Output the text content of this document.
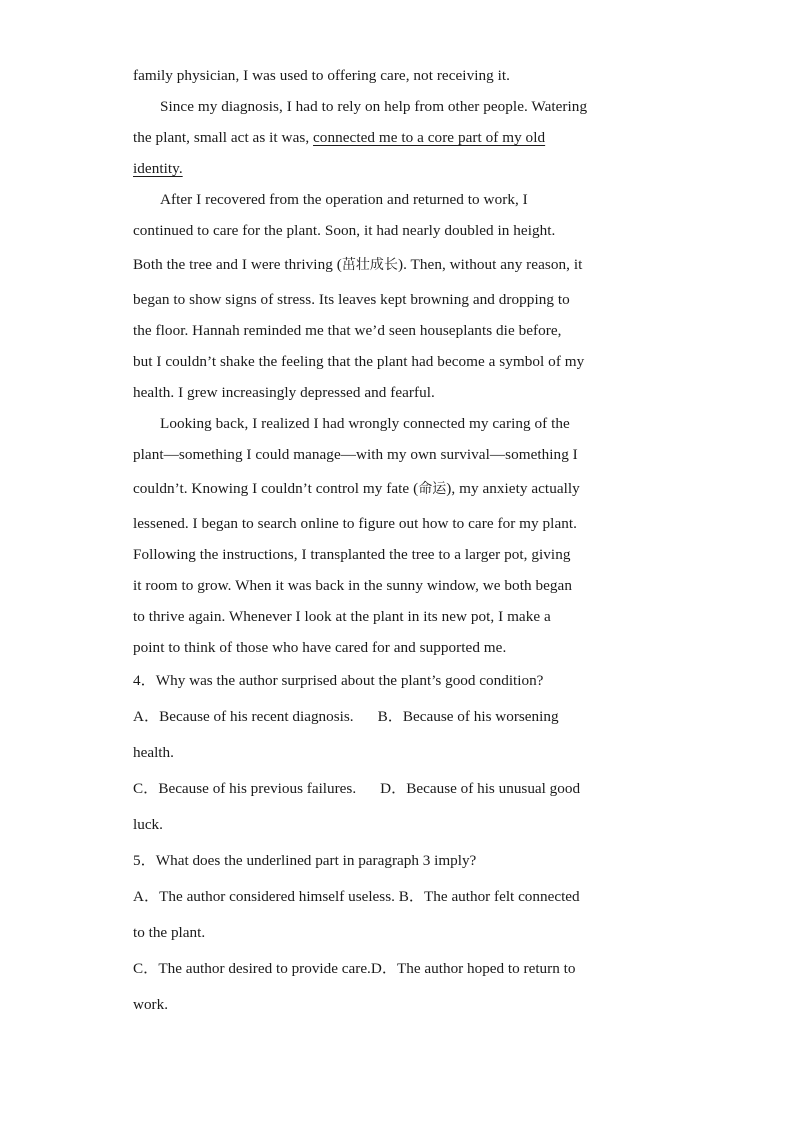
family physician, I was used to offering care, not receiving it.
Since my diagnosis, I had to rely on help from other people. Watering
the plant, small act as it was, connected me to a core part of my old
identity.
After I recovered from the operation and returned to work, I
continued to care for the plant. Soon, it had nearly doubled in height.
Both the tree and I were thriving (茁壮成长). Then, without any reason, it
began to show signs of stress. Its leaves kept browning and dropping to
the floor. Hannah reminded me that we’d seen houseplants die before,
but I couldn’t shake the feeling that the plant had become a symbol of my
health. I grew increasingly depressed and fearful.
Looking back, I realized I had wrongly connected my caring of the
plant—something I could manage—with my own survival—something I
couldn’t. Knowing I couldn’t control my fate (命运), my anxiety actually
lessened. I began to search online to figure out how to care for my plant.
Following the instructions, I transplanted the tree to a larger pot, giving
it room to grow. When it was back in the sunny window, we both began
to thrive again. Whenever I look at the plant in its new pot, I make a
point to think of those who have cared for and supported me.
4．Why was the author surprised about the plant’s good condition?
A．Because of his recent diagnosis. B．Because of his worsening
health.
C．Because of his previous failures. D．Because of his unusual good
luck.
5．What does the underlined part in paragraph 3 imply?
A．The author considered himself useless. B．The author felt connected
to the plant.
C．The author desired to provide care.D．The author hoped to return to
work.
